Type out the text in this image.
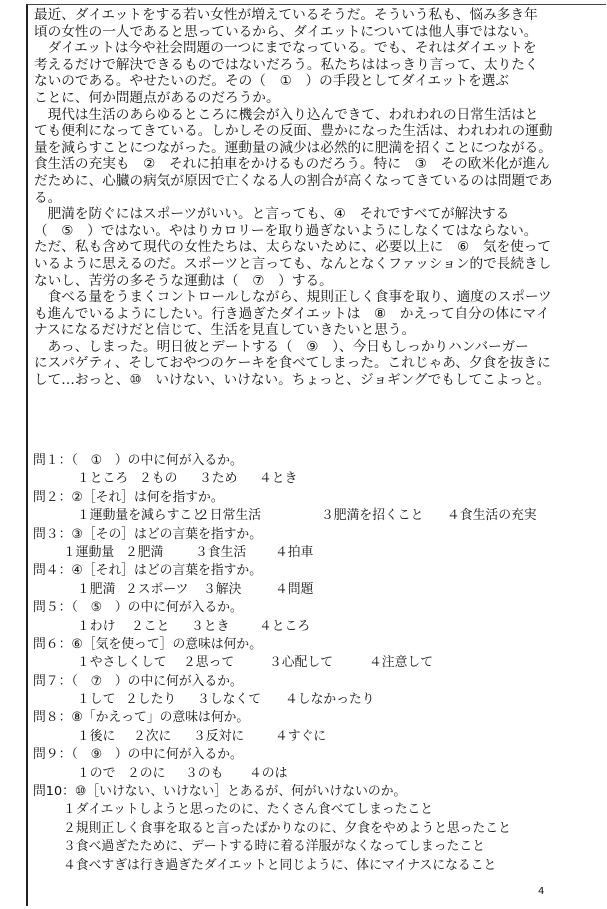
最近、ダイエットをする若い女性が増えているそうだ。そういう私も、悩み多き年
頃の女性の一人であると思っているから、ダイエットについては他人事ではない。
ダイエットは今や社会問題の一つにまでなっている。でも、それはダイエットを
考えるだけで解決できるものではないだろう。私たちははっきり言って、太りたく
ないのである。やせたいのだ。その（　①　）の手段としてダイエットを選ぶ
ことに、何か問題点があるのだろうか。
現代は生活のあらゆるところに機会が入り込んできて、われわれの日常生活はと
ても便利になってきている。しかしその反面、豊かになった生活は、われわれの運動
量を減らすことにつながった。運動量の減少は必然的に肥満を招くことにつながる。
食生活の充実も　②　それに拍車をかけるものだろう。特に　③　その欧米化が進ん
だために、心臓の病気が原因で亡くなる人の割合が高くなってきているのは問題であ
る。
肥満を防ぐにはスポーツがいい。と言っても、④　それですべてが解決する
（　⑤　）ではない。やはりカロリーを取り過ぎないようにしなくてはならない。
ただ、私も含めて現代の女性たちは、太らないために、必要以上に　⑥　気を使って
いるように思えるのだ。スポーツと言っても、なんとなくファッション的で長続きし
ないし、苦労の多そうな運動は（　⑦　）する。
食べる量をうまくコントロールしながら、規則正しく食事を取り、適度のスポーツ
も進んでいるようにしたい。行き過ぎたダイエットは　⑧　かえって自分の体にマイ
ナスになるだけだと信じて、生活を見直していきたいと思う。
あっ、しまった。明日彼とデートする（　⑨　）、今日もしっかりハンバーガー
にスパゲティ、そしておやつのケーキを食べてしまった。これじゃあ、夕食を抜きに
して…おっと、⑩　いけない、いけない。ちょっと、ジョギングでもしてこよっと。
問１：（　①　）の中に何が入るか。
１ところ ２もの ３ため ４とき
問２：②［それ］は何を指すか。
１運動量を減らすこと
２日常生活	３肥満を招くこと ４食生活の充実
問３：③［その］はどの言葉を指すか。
１運動量 ２肥満 ３食生活 ４拍車
問４：④［それ］はどの言葉を指すか。
１肥満 ２スポーツ ３解決	４問題
問５：（　⑤　）の中に何が入るか。
１わけ ２こと ３とき ４ところ
問６：⑥［気を使って］の意味は何か。
１やさしくして ２思って	３心配して	４注意して
問７：（　⑦　）の中に何が入るか。
１して ２したり ３しなくて ４しなかったり
問８：⑧「かえって」の意味は何か。
１後に ２次に ３反対に ４すぐに
問９：（　⑨　）の中に何が入るか。
１ので ２のに ３のも ４のは
問10：⑩［いけない、いけない］とあるが、何がいけないのか。
１ダイエットしようと思ったのに、たくさん食べてしまったこと
２規則正しく食事を取ると言ったばかりなのに、夕食をやめようと思ったこと
３食べ過ぎたために、デートする時に着る洋服がなくなってしまったこと
４食べすぎは行き過ぎたダイエットと同じように、体にマイナスになること
4
